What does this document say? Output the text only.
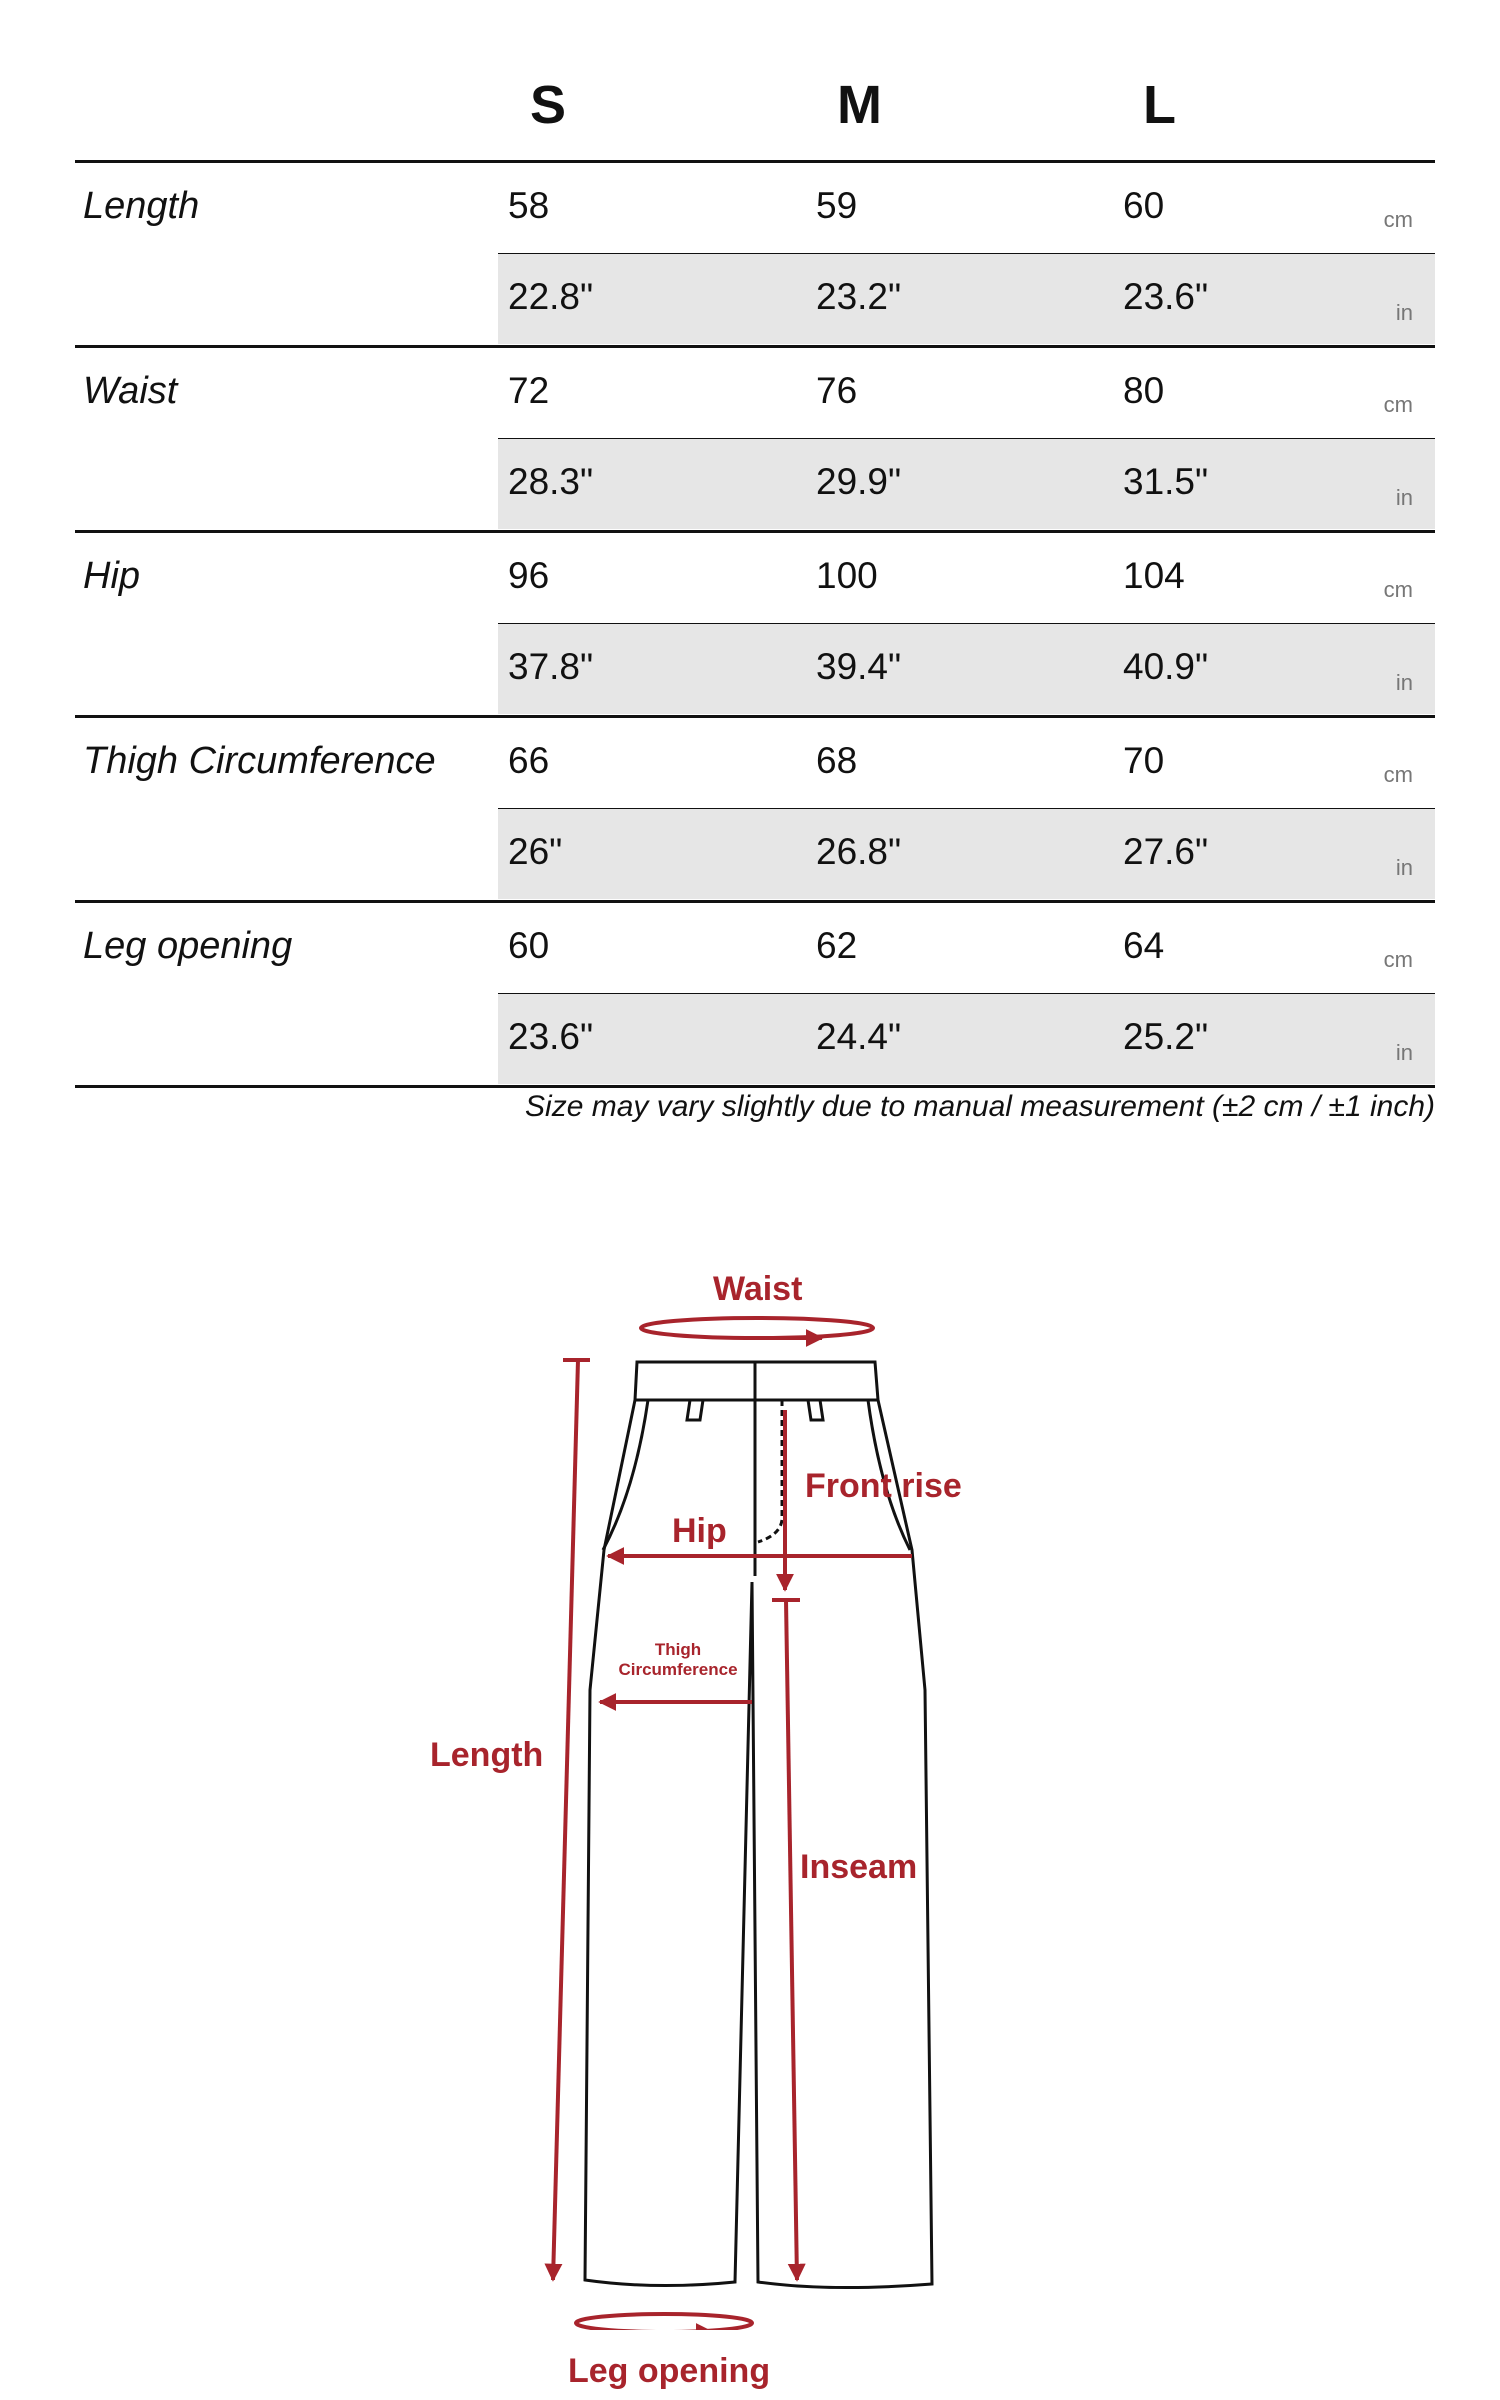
S	M	L
Length	58	59	60	cm
22.8"	23.2"	23.6"	in
Waist	72	76	80	cm
28.3"	29.9"	31.5"	in
Hip	96	100	104	cm
37.8"	39.4"	40.9"	in
Thigh Circumference 66	68	70	cm
26"	26.8"	27.6"	in
Leg opening	60	62	64	cm
23.6"	24.4"	25.2"	in
Size may vary slightly due to manual measurement (±2 cm / ±1 inch)
Waist
Front rise
Hip
Thigh
Circumference
Length
Inseam
Leg opening
